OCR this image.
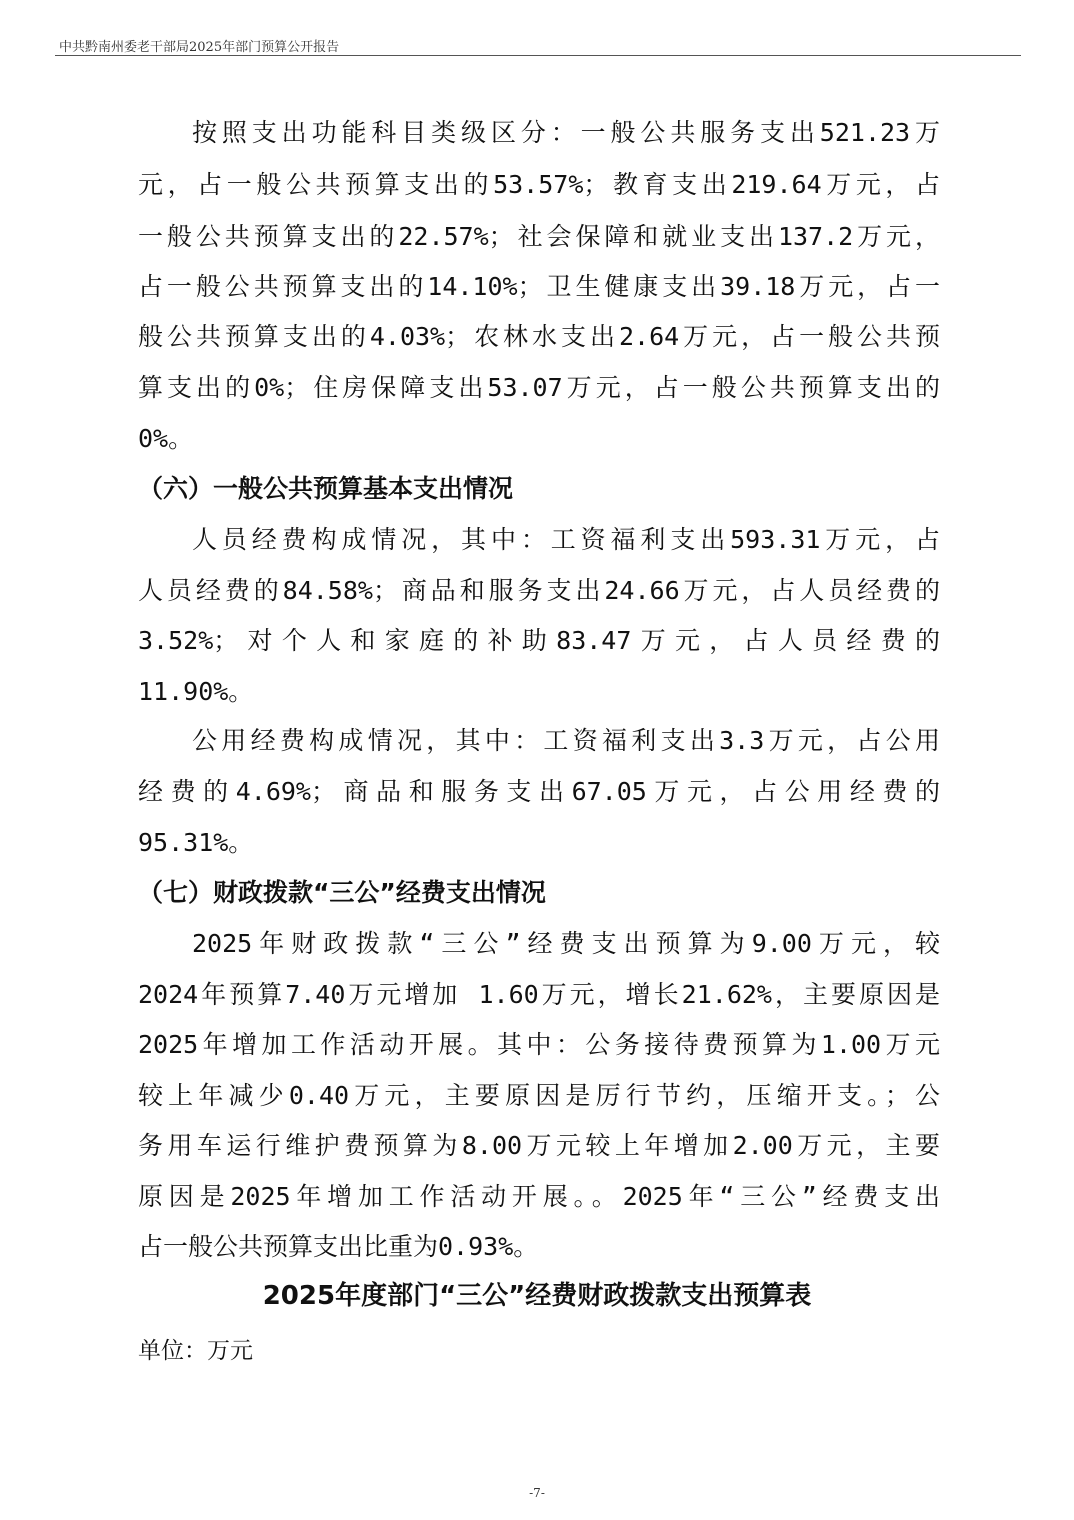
中共黔南州委老干部局2025年部门预算公开报告
按照支出功能科目类级区分：一般公共服务支出521.23万
元，占一般公共预算支出的53.57%；教育支出219.64万元，占
一般公共预算支出的22.57%；社会保障和就业支出137.2万元，
占一般公共预算支出的14.10%；卫生健康支出39.18万元，占一
般公共预算支出的4.03%；农林水支出2.64万元，占一般公共预
算支出的0%；住房保障支出53.07万元，占一般公共预算支出的
0%。
（六）一般公共预算基本支出情况
人员经费构成情况，其中：工资福利支出593.31万元，占
人员经费的84.58%；商品和服务支出24.66万元，占人员经费的
3.52%；对个人和家庭的补助83.47万元，占人员经费的
11.90%。
公用经费构成情况，其中：工资福利支出3.3万元，占公用
经费的4.69%；商品和服务支出67.05万元，占公用经费的
95.31%。
（七）财政拨款“三公”经费支出情况
2025年财政拨款“三公”经费支出预算为9.00万元，较
2024年预算7.40万元增加 1.60万元，增长21.62%，主要原因是
2025年增加工作活动开展。其中：公务接待费预算为1.00万元
较上年减少0.40万元，主要原因是厉行节约，压缩开支。；公
务用车运行维护费预算为8.00万元较上年增加2.00万元，主要
原因是2025年增加工作活动开展。。2025年“三公”经费支出
占一般公共预算支出比重为0.93%。
2025年度部门“三公”经费财政拨款支出预算表
单位：万元
-7-
